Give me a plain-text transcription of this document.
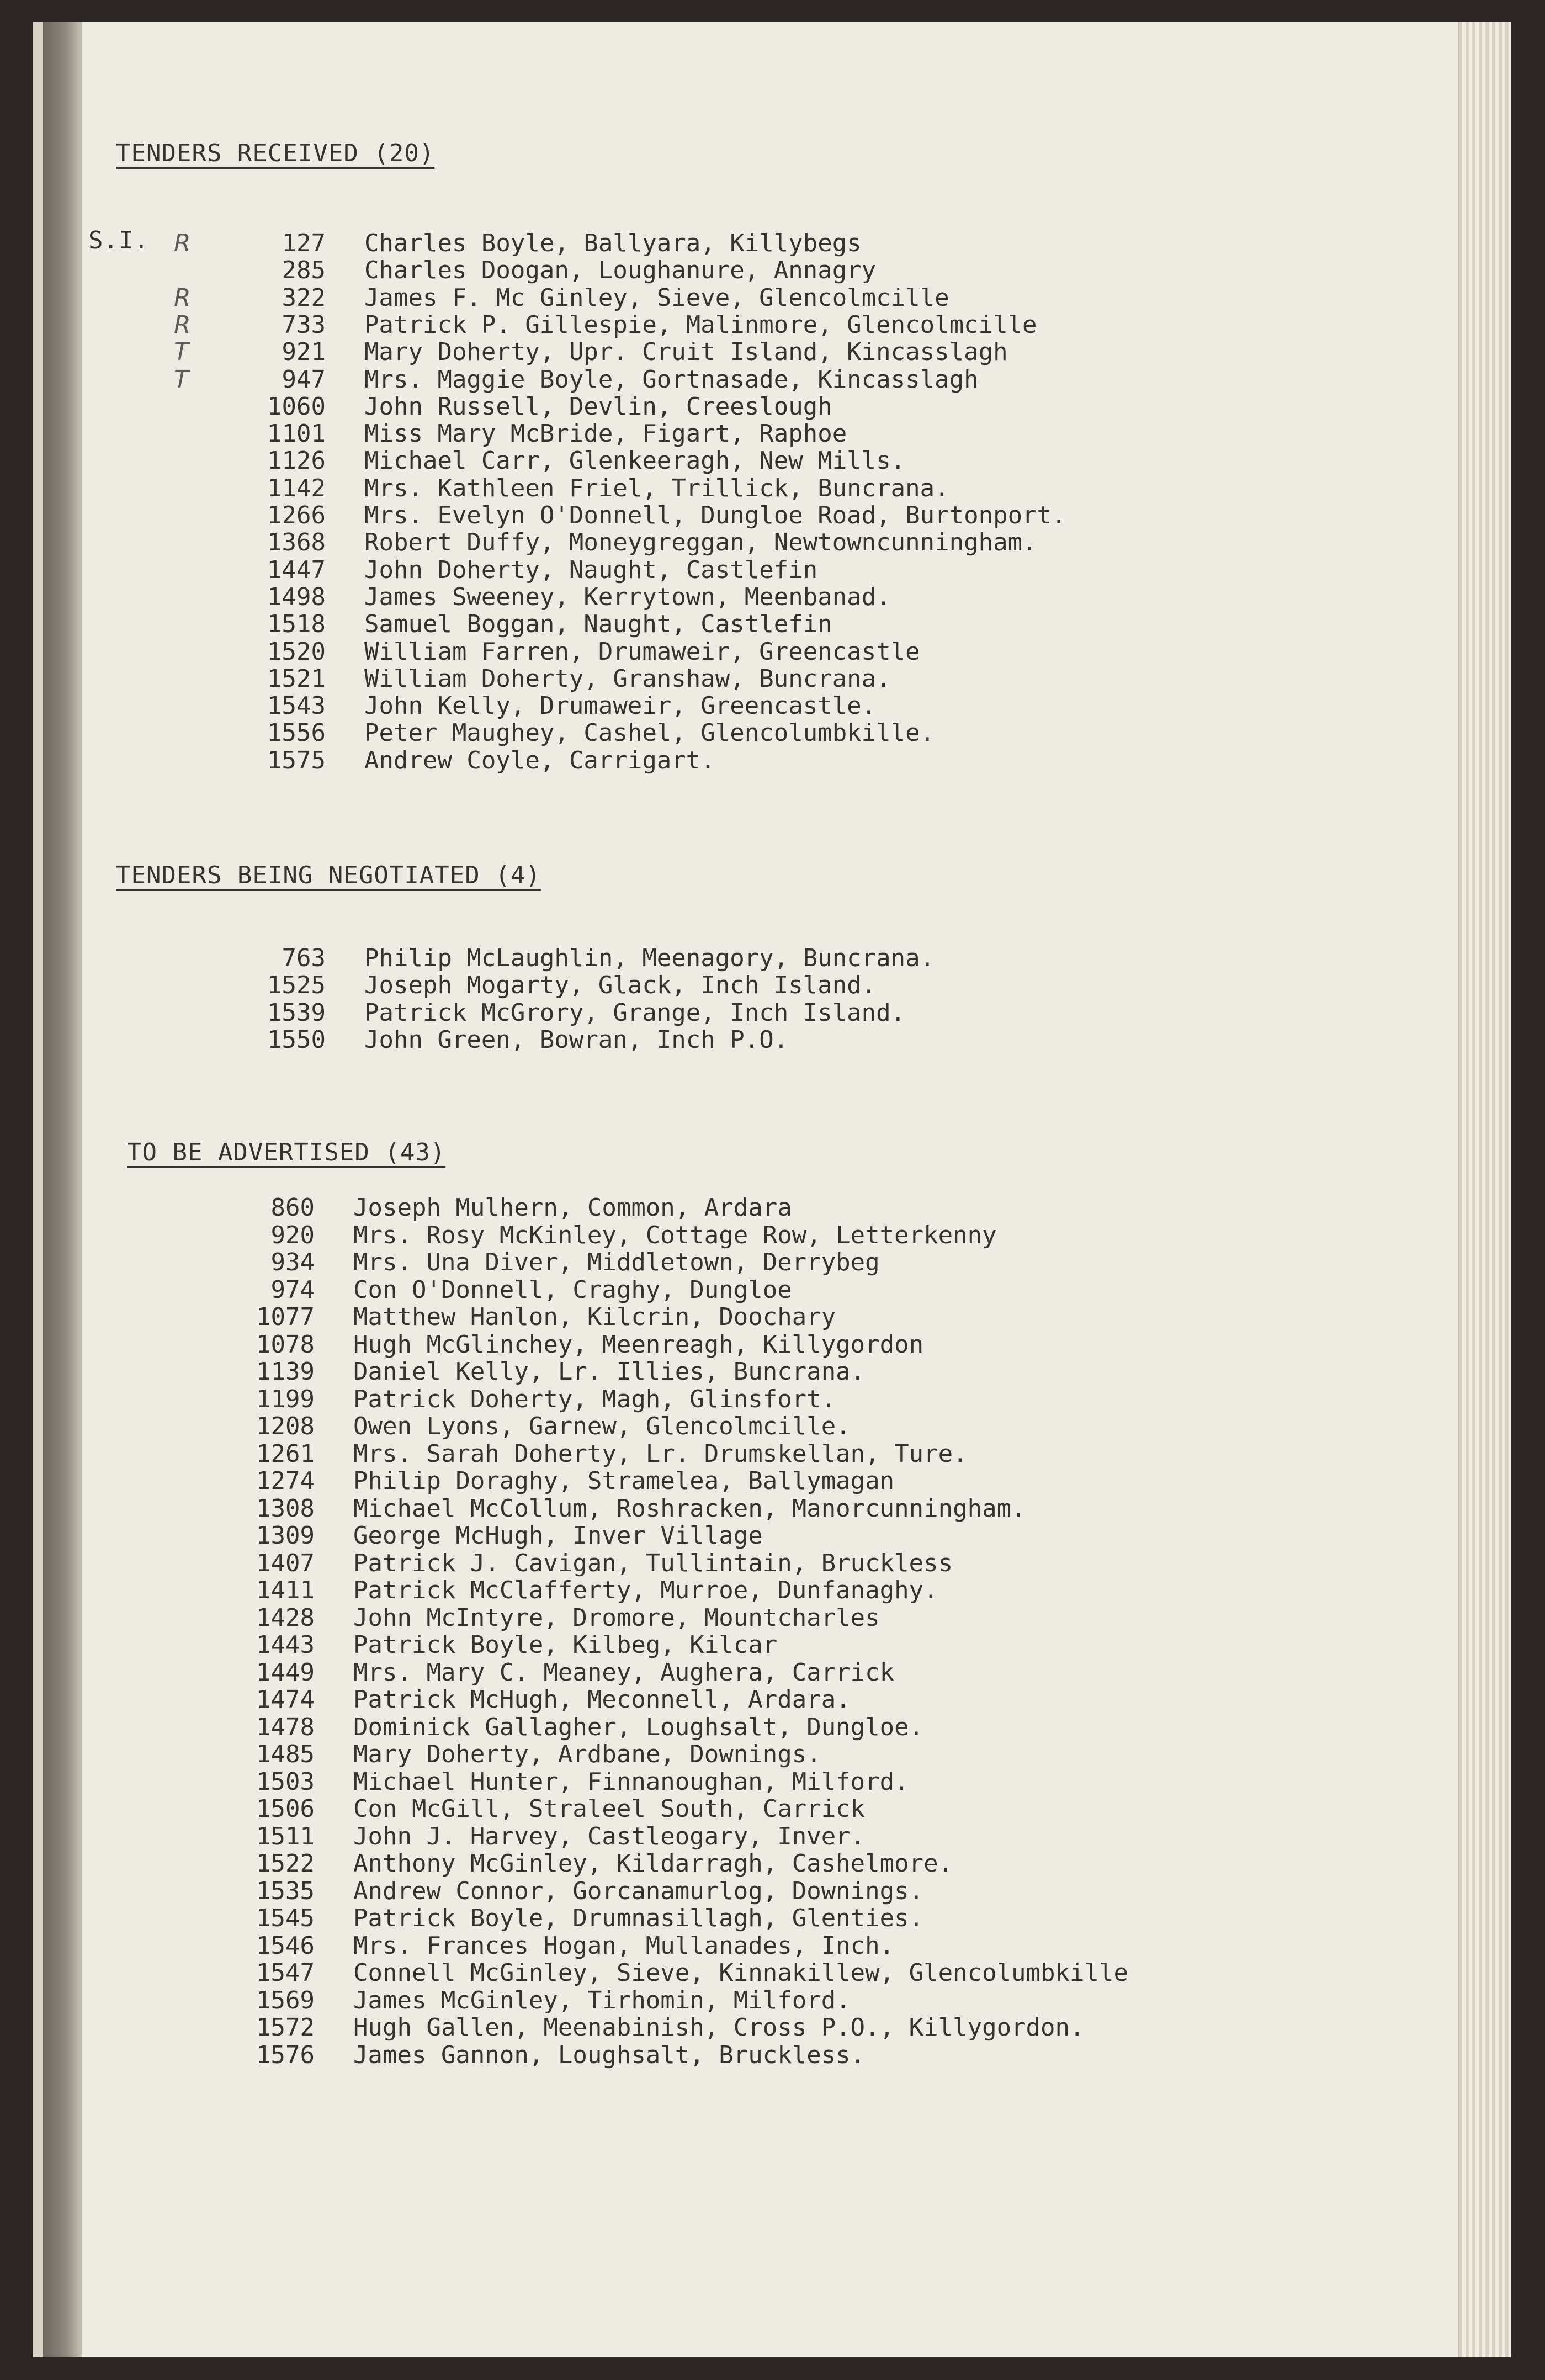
TENDERS RECEIVED (20)
S.I. R	127 Charles Boyle, Ballyara, Killybegs
285 Charles Doogan, Loughanure, Annagry
R	322 James F. Mc Ginley, Sieve, Glencolmcille
R	733 Patrick P. Gillespie, Malinmore, Glencolmcille
T	921 Mary Doherty, Upr. Cruit Island, Kincasslagh
T	947 Mrs. Maggie Boyle, Gortnasade, Kincasslagh
1060 John Russell, Devlin, Creeslough
1101 Miss Mary McBride, Figart, Raphoe
1126 Michael Carr, Glenkeeragh, New Mills.
1142 Mrs. Kathleen Friel, Trillick, Buncrana.
1266 Mrs. Evelyn O'Donnell, Dungloe Road, Burtonport.
1368 Robert Duffy, Moneygreggan, Newtowncunningham.
1447 John Doherty, Naught, Castlefin
1498 James Sweeney, Kerrytown, Meenbanad.
1518 Samuel Boggan, Naught, Castlefin
1520 William Farren, Drumaweir, Greencastle
1521 William Doherty, Granshaw, Buncrana.
1543 John Kelly, Drumaweir, Greencastle.
1556 Peter Maughey, Cashel, Glencolumbkille.
1575 Andrew Coyle, Carrigart.
TENDERS BEING NEGOTIATED (4)
763 Philip McLaughlin, Meenagory, Buncrana.
1525 Joseph Mogarty, Glack, Inch Island.
1539 Patrick McGrory, Grange, Inch Island.
1550 John Green, Bowran, Inch P.O.
TO BE ADVERTISED (43)
860 Joseph Mulhern, Common, Ardara
920 Mrs. Rosy McKinley, Cottage Row, Letterkenny
934 Mrs. Una Diver, Middletown, Derrybeg
974 Con O'Donnell, Craghy, Dungloe
1077 Matthew Hanlon, Kilcrin, Doochary
1078 Hugh McGlinchey, Meenreagh, Killygordon
1139 Daniel Kelly, Lr. Illies, Buncrana.
1199 Patrick Doherty, Magh, Glinsfort.
1208 Owen Lyons, Garnew, Glencolmcille.
1261 Mrs. Sarah Doherty, Lr. Drumskellan, Ture.
1274 Philip Doraghy, Stramelea, Ballymagan
1308 Michael McCollum, Roshracken, Manorcunningham.
1309 George McHugh, Inver Village
1407 Patrick J. Cavigan, Tullintain, Bruckless
1411 Patrick McClafferty, Murroe, Dunfanaghy.
1428 John McIntyre, Dromore, Mountcharles
1443 Patrick Boyle, Kilbeg, Kilcar
1449 Mrs. Mary C. Meaney, Aughera, Carrick
1474 Patrick McHugh, Meconnell, Ardara.
1478 Dominick Gallagher, Loughsalt, Dungloe.
1485 Mary Doherty, Ardbane, Downings.
1503 Michael Hunter, Finnanoughan, Milford.
1506 Con McGill, Straleel South, Carrick
1511 John J. Harvey, Castleogary, Inver.
1522 Anthony McGinley, Kildarragh, Cashelmore.
1535 Andrew Connor, Gorcanamurlog, Downings.
1545 Patrick Boyle, Drumnasillagh, Glenties.
1546 Mrs. Frances Hogan, Mullanades, Inch.
1547 Connell McGinley, Sieve, Kinnakillew, Glencolumbkille
1569 James McGinley, Tirhomin, Milford.
1572 Hugh Gallen, Meenabinish, Cross P.O., Killygordon.
1576 James Gannon, Loughsalt, Bruckless.
